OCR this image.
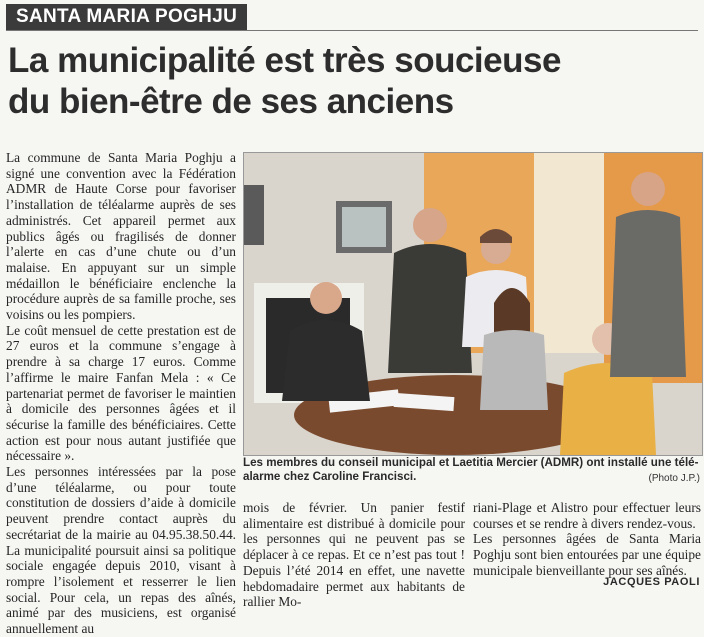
SANTA MARIA POGHJU
La municipalité est très soucieuse
du bien-être de ses anciens

La commune de Santa Maria Poghju a signé une convention avec la Fédération ADMR de Haute Corse pour favoriser l’installation de téléalarme auprès de ses administrés. Cet appareil permet aux publics âgés ou fragilisés de donner l’alerte en cas d’une chute ou d’un malaise. En appuyant sur un simple médaillon le bénéficiaire enclenche la procédure auprès de sa famille proche, ses voisins ou les pompiers.

Le coût mensuel de cette prestation est de 27 euros et la commune s’engage à prendre à sa charge 17 euros. Comme l’affirme le maire Fanfan Mela : « Ce partenariat permet de favoriser le maintien à domicile des personnes âgées et il sécurise la famille des bénéficiaires. Cette action est pour nous autant justifiée que nécessaire ».

Les personnes intéressées par la pose d’une téléalarme, ou pour toute constitution de dossiers d’aide à domicile peuvent prendre contact auprès du secrétariat de la mairie au 04.95.38.50.44. La municipalité poursuit ainsi sa politique sociale engagée depuis 2010, visant à rompre l’isolement et resserrer le lien social. Pour cela, un repas des aînés, animé par des musiciens, est organisé annuellement au

Les membres du conseil municipal et Laetitia Mercier (ADMR) ont installé une télé-alarme chez Caroline Francisci.	(Photo J.P.)

mois de février. Un panier festif alimentaire est distribué à domicile pour les personnes qui ne peuvent pas se déplacer à ce repas. Et ce n’est pas tout ! Depuis l’été 2014 en effet, une navette hebdomadaire permet aux habitants de rallier Mo-

riani-Plage et Alistro pour effectuer leurs courses et se rendre à divers rendez-vous.

Les personnes âgées de Santa Maria Poghju sont bien entourées par une équipe municipale bienveillante pour ses aînés.

JACQUES PAOLI
